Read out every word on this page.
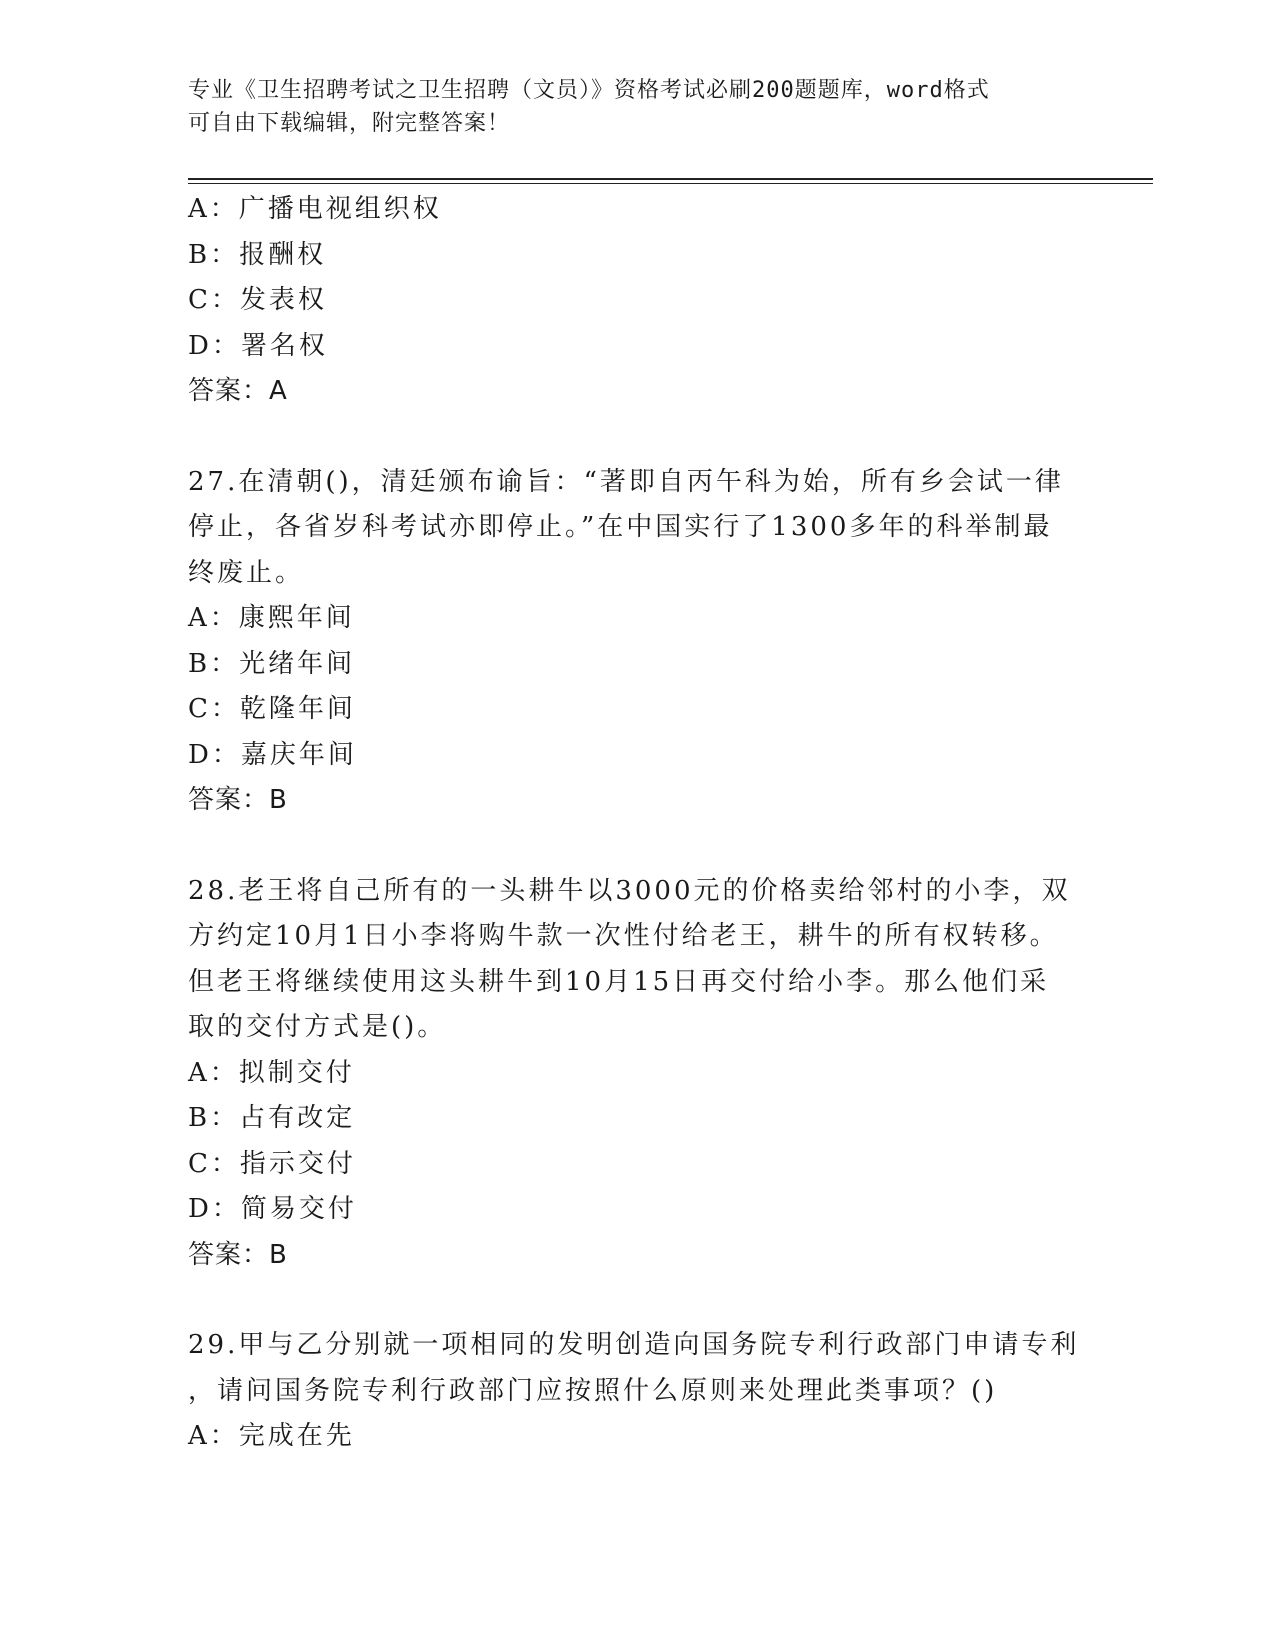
专业《卫生招聘考试之卫生招聘（文员）》资格考试必刷200题题库，word格式
可自由下载编辑，附完整答案！
A：广播电视组织权
B：报酬权
C：发表权
D：署名权
答案：A
27.在清朝()，清廷颁布谕旨：“著即自丙午科为始，所有乡会试一律
停止，各省岁科考试亦即停止。”在中国实行了1300多年的科举制最
终废止。
A：康熙年间
B：光绪年间
C：乾隆年间
D：嘉庆年间
答案：B
28.老王将自己所有的一头耕牛以3000元的价格卖给邻村的小李，双
方约定10月1日小李将购牛款一次性付给老王，耕牛的所有权转移。
但老王将继续使用这头耕牛到10月15日再交付给小李。那么他们采
取的交付方式是()。
A：拟制交付
B：占有改定
C：指示交付
D：简易交付
答案：B
29.甲与乙分别就一项相同的发明创造向国务院专利行政部门申请专利
，请问国务院专利行政部门应按照什么原则来处理此类事项？()
A：完成在先
